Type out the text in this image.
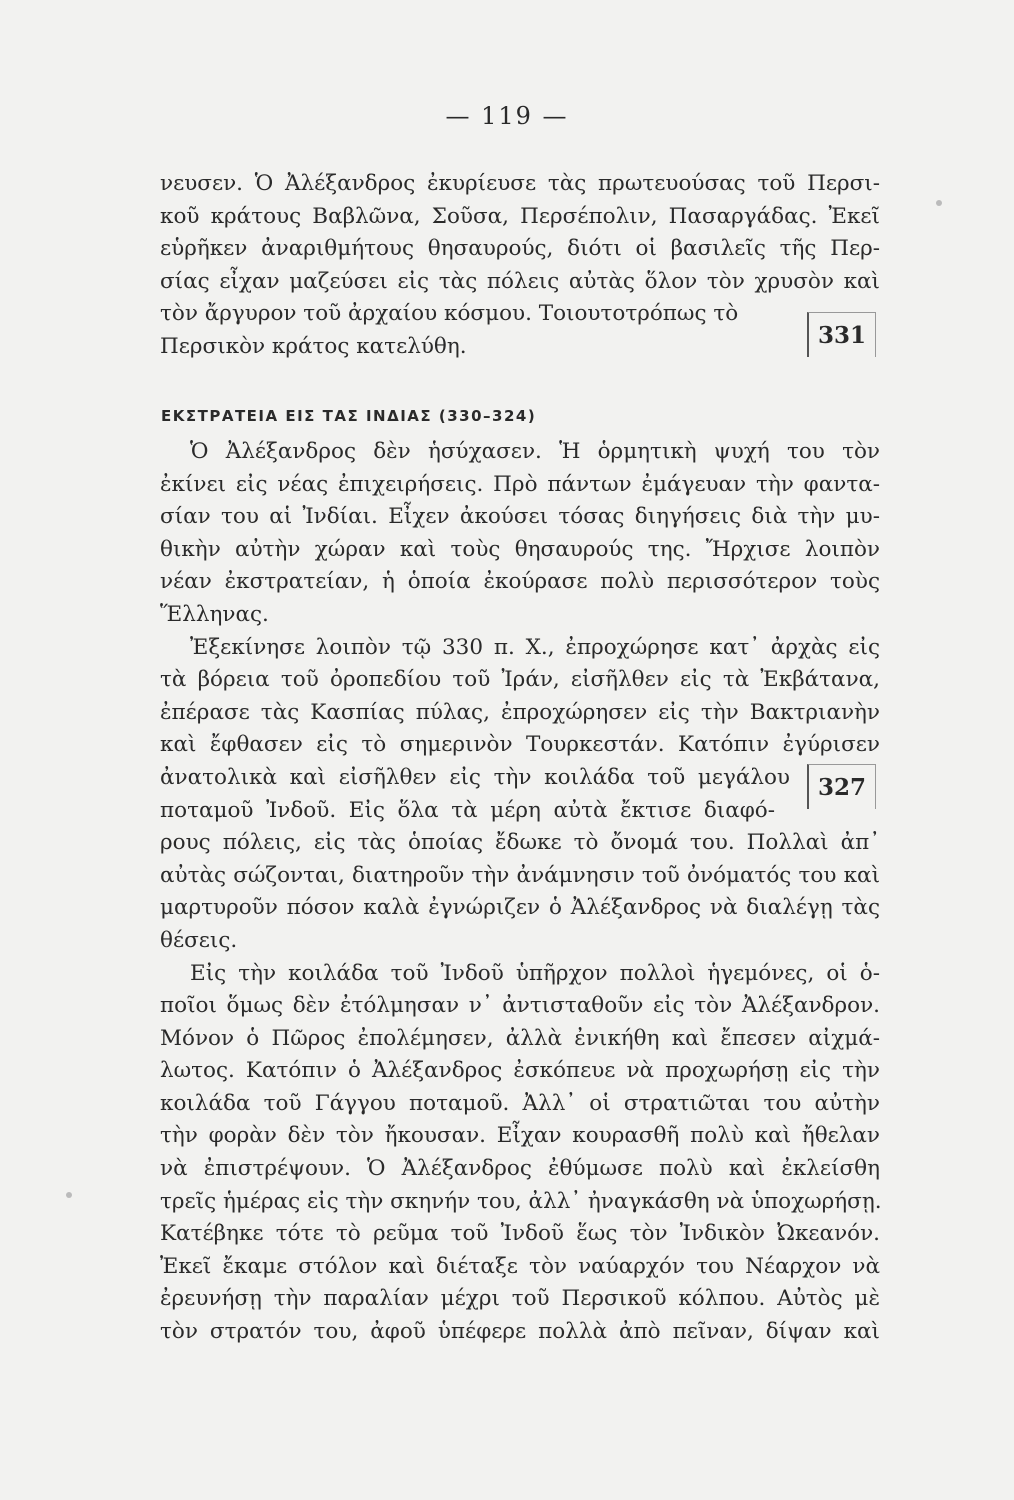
— 119 —
νευσεν. Ὁ Ἀλέξανδρος ἐκυρίευσε τὰς πρωτευούσας τοῦ Περσι-
κοῦ κράτους Βαβλῶνα, Σοῦσα, Περσέπολιν, Πασαργάδας. Ἐκεῖ
εὑρῆκεν ἀναριθμήτους θησαυρούς, διότι οἱ βασιλεῖς τῆς Περ-
σίας εἶχαν μαζεύσει εἰς τὰς πόλεις αὐτὰς ὅλον τὸν χρυσὸν καὶ
τὸν ἄργυρον τοῦ ἀρχαίου κόσμου. Τοιουτοτρόπως τὸ
Περσικὸν κράτος κατελύθη.	331
ΕΚΣΤΡΑΤΕΙΑ ΕΙΣ ΤΑΣ ΙΝΔΙΑΣ (330–324)
Ὁ Ἀλέξανδρος δὲν ἡσύχασεν. Ἡ ὁρμητικὴ ψυχή του τὸν
ἐκίνει εἰς νέας ἐπιχειρήσεις. Πρὸ πάντων ἐμάγευαν τὴν φαντα-
σίαν του αἱ Ἰνδίαι. Εἶχεν ἀκούσει τόσας διηγήσεις διὰ τὴν μυ-
θικὴν αὐτὴν χώραν καὶ τοὺς θησαυρούς της. Ἤρχισε λοιπὸν
νέαν ἐκστρατείαν, ἡ ὁποία ἐκούρασε πολὺ περισσότερον τοὺς
Ἕλληνας.
Ἐξεκίνησε λοιπὸν τῷ 330 π. Χ., ἐπροχώρησε κατ᾽ ἀρχὰς εἰς
τὰ βόρεια τοῦ ὀροπεδίου τοῦ Ἰράν, εἰσῆλθεν εἰς τὰ Ἐκβάτανα,
ἐπέρασε τὰς Κασπίας πύλας, ἐπροχώρησεν εἰς τὴν Βακτριανὴν
καὶ ἔφθασεν εἰς τὸ σημερινὸν Τουρκεστάν. Κατόπιν ἐγύρισεν
ἀνατολικὰ καὶ εἰσῆλθεν εἰς τὴν κοιλάδα τοῦ μεγάλου
ποταμοῦ Ἰνδοῦ. Εἰς ὅλα τὰ μέρη αὐτὰ ἔκτισε διαφό-
ρους πόλεις, εἰς τὰς ὁποίας ἔδωκε τὸ ὄνομά του. Πολλαὶ ἀπ᾽
αὐτὰς σώζονται, διατηροῦν τὴν ἀνάμνησιν τοῦ ὀνόματός του καὶ
μαρτυροῦν πόσον καλὰ ἐγνώριζεν ὁ Ἀλέξανδρος νὰ διαλέγῃ τὰς
θέσεις.
Εἰς τὴν κοιλάδα τοῦ Ἰνδοῦ ὑπῆρχον πολλοὶ ἡγεμόνες, οἱ ὁ-
ποῖοι ὅμως δὲν ἐτόλμησαν ν᾽ ἀντισταθοῦν εἰς τὸν Ἀλέξανδρον.
Μόνον ὁ Πῶρος ἐπολέμησεν, ἀλλὰ ἐνικήθη καὶ ἔπεσεν αἰχμά-
λωτος. Κατόπιν ὁ Ἀλέξανδρος ἐσκόπευε νὰ προχωρήσῃ εἰς τὴν
κοιλάδα τοῦ Γάγγου ποταμοῦ. Ἀλλ᾽ οἱ στρατιῶται του αὐτὴν
τὴν φορὰν δὲν τὸν ἤκουσαν. Εἶχαν κουρασθῆ πολὺ καὶ ἤθελαν
νὰ ἐπιστρέψουν. Ὁ Ἀλέξανδρος ἐθύμωσε πολὺ καὶ ἐκλείσθη
τρεῖς ἡμέρας εἰς τὴν σκηνήν του, ἀλλ᾽ ἠναγκάσθη νὰ ὑποχωρήσῃ.
Κατέβηκε τότε τὸ ρεῦμα τοῦ Ἰνδοῦ ἕως τὸν Ἰνδικὸν Ὠκεανόν.
Ἐκεῖ ἔκαμε στόλον καὶ διέταξε τὸν ναύαρχόν του Νέαρχον νὰ
ἐρευνήσῃ τὴν παραλίαν μέχρι τοῦ Περσικοῦ κόλπου. Αὐτὸς μὲ
τὸν στρατόν του, ἀφοῦ ὑπέφερε πολλὰ ἀπὸ πεῖναν, δίψαν καὶ
327
